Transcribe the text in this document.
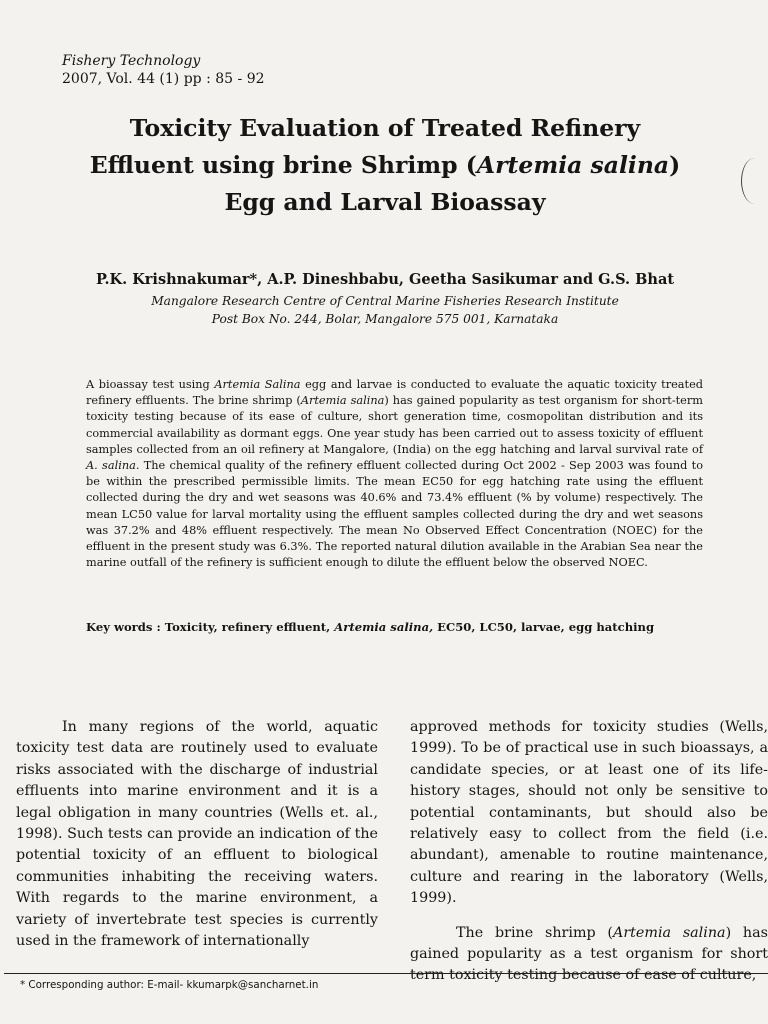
Fishery Technology
2007, Vol. 44 (1) pp : 85 - 92
Toxicity Evaluation of Treated Refinery
Effluent using brine Shrimp (Artemia salina)
Egg and Larval Bioassay
P.K. Krishnakumar*, A.P. Dineshbabu, Geetha Sasikumar and G.S. Bhat
Mangalore Research Centre of Central Marine Fisheries Research Institute
Post Box No. 244, Bolar, Mangalore 575 001, Karnataka
A bioassay test using Artemia Salina egg and larvae is conducted to evaluate the aquatic toxicity treated refinery effluents. The brine shrimp (Artemia salina) has gained popularity as test organism for short-term toxicity testing because of its ease of culture, short generation time, cosmopolitan distribution and its commercial availability as dormant eggs. One year study has been carried out to assess toxicity of effluent samples collected from an oil refinery at Mangalore, (India) on the egg hatching and larval survival rate of A. salina. The chemical quality of the refinery effluent collected during Oct 2002 - Sep 2003 was found to be within the prescribed permissible limits. The mean EC50 for egg hatching rate using the effluent collected during the dry and wet seasons was 40.6% and 73.4% effluent (% by volume) respectively. The mean LC50 value for larval mortality using the effluent samples collected during the dry and wet seasons was 37.2% and 48% effluent respectively. The mean No Observed Effect Concentration (NOEC) for the effluent in the present study was 6.3%. The reported natural dilution available in the Arabian Sea near the marine outfall of the refinery is sufficient enough to dilute the effluent below the observed NOEC.
Key words : Toxicity, refinery effluent, Artemia salina, EC50, LC50, larvae, egg hatching

In many regions of the world, aquatic toxicity test data are routinely used to evaluate risks associated with the discharge of industrial effluents into marine environment and it is a legal obligation in many countries (Wells et. al., 1998). Such tests can provide an indication of the potential toxicity of an effluent to biological communities inhabiting the receiving waters. With regards to the marine environment, a variety of invertebrate test species is currently used in the framework of internationally

approved methods for toxicity studies (Wells, 1999). To be of practical use in such bioassays, a candidate species, or at least one of its life-history stages, should not only be sensitive to potential contaminants, but should also be relatively easy to collect from the field (i.e. abundant), amenable to routine maintenance, culture and rearing in the laboratory (Wells, 1999).

The brine shrimp (Artemia salina) has gained popularity as a test organism for short term toxicity testing because of ease of culture,

* Corresponding author: E-mail- kkumarpk@sancharnet.in
